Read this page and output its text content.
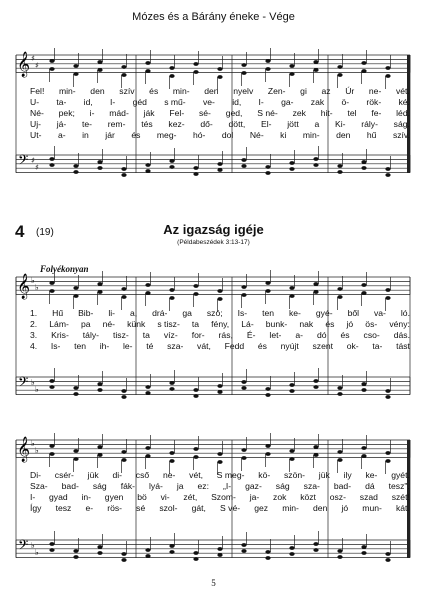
Mózes és a Bárány éneke - Vége
4 (19)	Az igazság igéje
(Példabeszédek 3:13-17)
Folyékonyan
5
𝄞
𝄢
♯
♯
♯
♯
𝄞
𝄢
♭
♭
♭
♭
𝄞
𝄢
♭
♭
♭
♭
Fel! min- den szív és min- den nyelv Zen- gi az Úr ne- vét.
U- ta- id, I- géd s mű- ve- id, I- ga- zak ö- rök- ké.
Né- pek; i- mád- ják Fel- sé- ged, S né- zek hit- tel fe- léd.
Uj- já- te- rem- tés kez- dő- dött, El- jött a Ki- rály- ság.
Ut- a- in jár és meg- hó- dol Né- ki min- den hű szív.
1. Hű Bib- li- a, drá- ga szó; Is- ten ke- gyé- ből va- ló.
2. Lám- pa né- künk s tisz- ta fény, Lá- bunk- nak és jó ös- vény:
3. Kris- tály- tisz- ta víz- for- rás, É- let- a- dó és cso- dás.
4. Is- ten ih- le- té sza- vát, Fedd és nyújt szent ok- ta- tást
Di- csér- jük di- cső ne- vét, S meg- kö- szön- jük ily ke- gyét.
Sza- bad- ság fák- lyá- ja ez: „I- gaz- ság sza- bad- dá tesz".
I- gyad in- gyen bö vi- zét, Szom- ja- zok közt osz- szad szét!
Így tesz e- rös- sé szol- gát, S vé- gez min- den jó mun- kát.
